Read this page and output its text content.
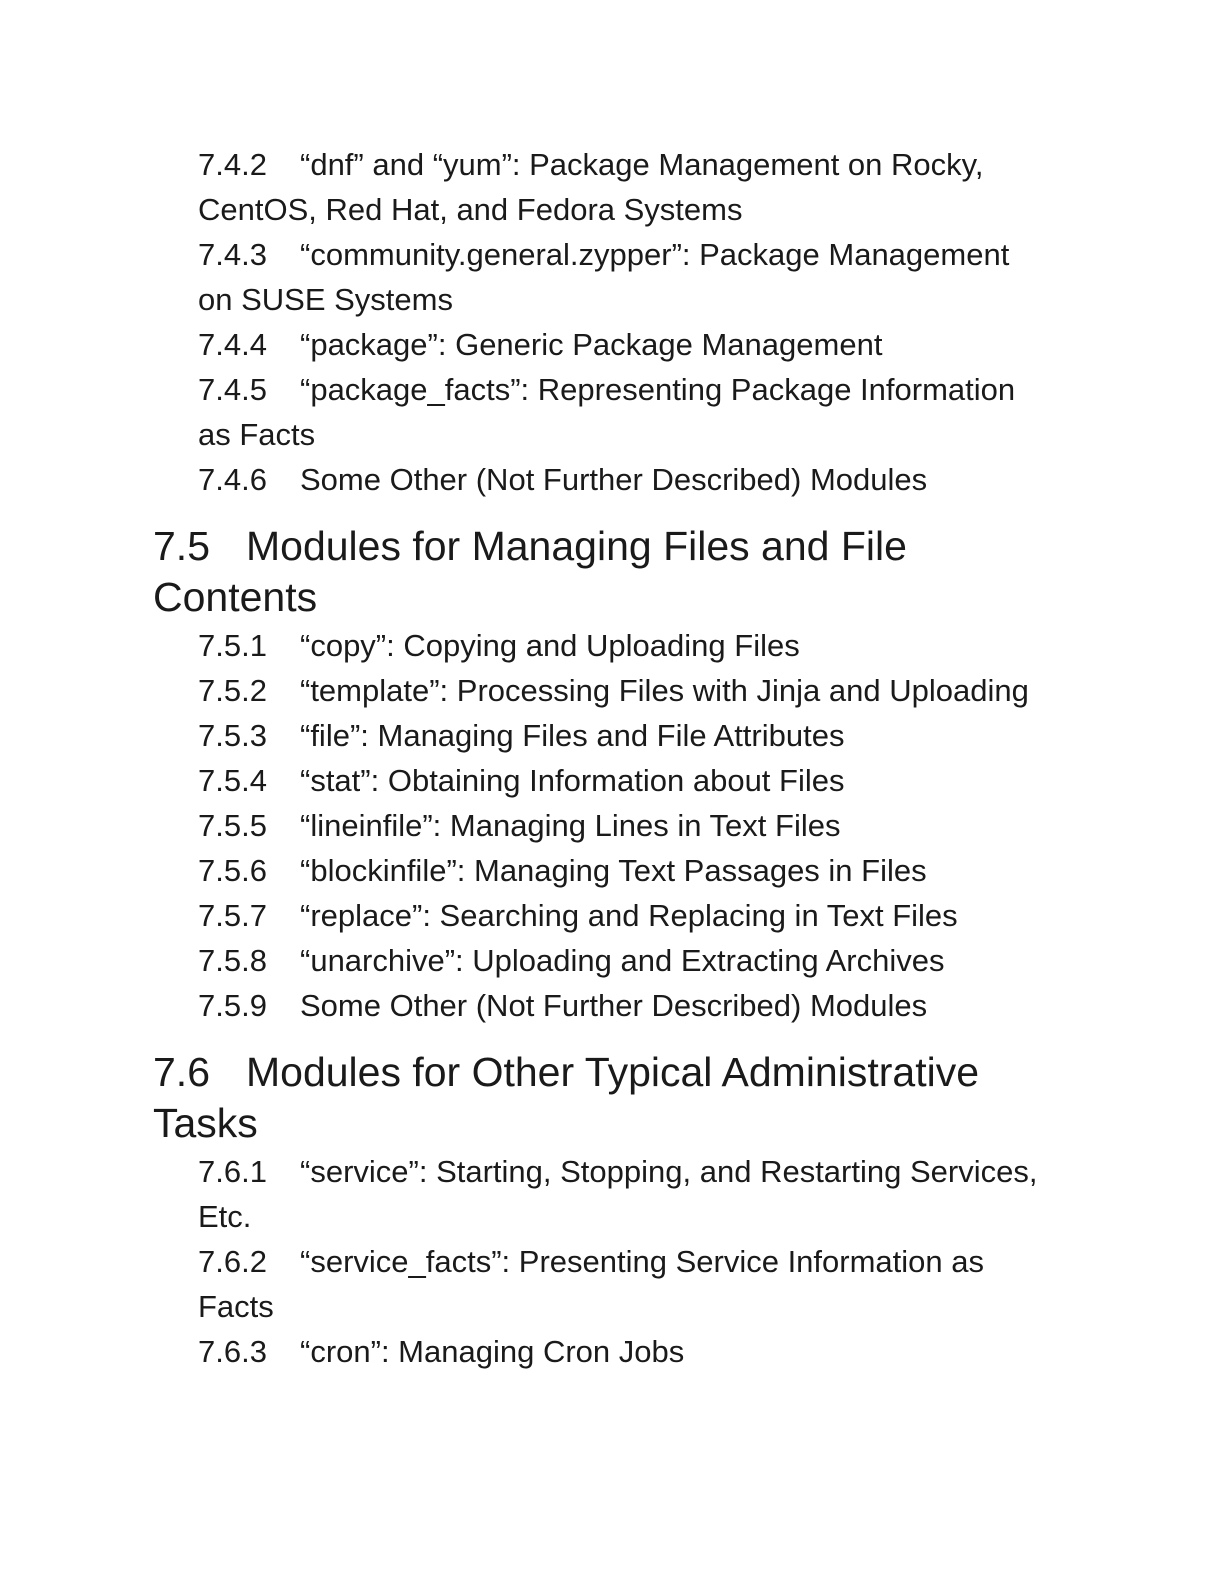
7.4.2 “dnf” and “yum”: Package Management on Rocky, CentOS, Red Hat, and Fedora Systems
7.4.3 “community.general.zypper”: Package Management on SUSE Systems
7.4.4 “package”: Generic Package Management
7.4.5 “package_facts”: Representing Package Information as Facts
7.4.6 Some Other (Not Further Described) Modules
7.5 Modules for Managing Files and File Contents
7.5.1 “copy”: Copying and Uploading Files
7.5.2 “template”: Processing Files with Jinja and Uploading
7.5.3 “file”: Managing Files and File Attributes
7.5.4 “stat”: Obtaining Information about Files
7.5.5 “lineinfile”: Managing Lines in Text Files
7.5.6 “blockinfile”: Managing Text Passages in Files
7.5.7 “replace”: Searching and Replacing in Text Files
7.5.8 “unarchive”: Uploading and Extracting Archives
7.5.9 Some Other (Not Further Described) Modules
7.6 Modules for Other Typical Administrative Tasks
7.6.1 “service”: Starting, Stopping, and Restarting Services, Etc.
7.6.2 “service_facts”: Presenting Service Information as Facts
7.6.3 “cron”: Managing Cron Jobs
